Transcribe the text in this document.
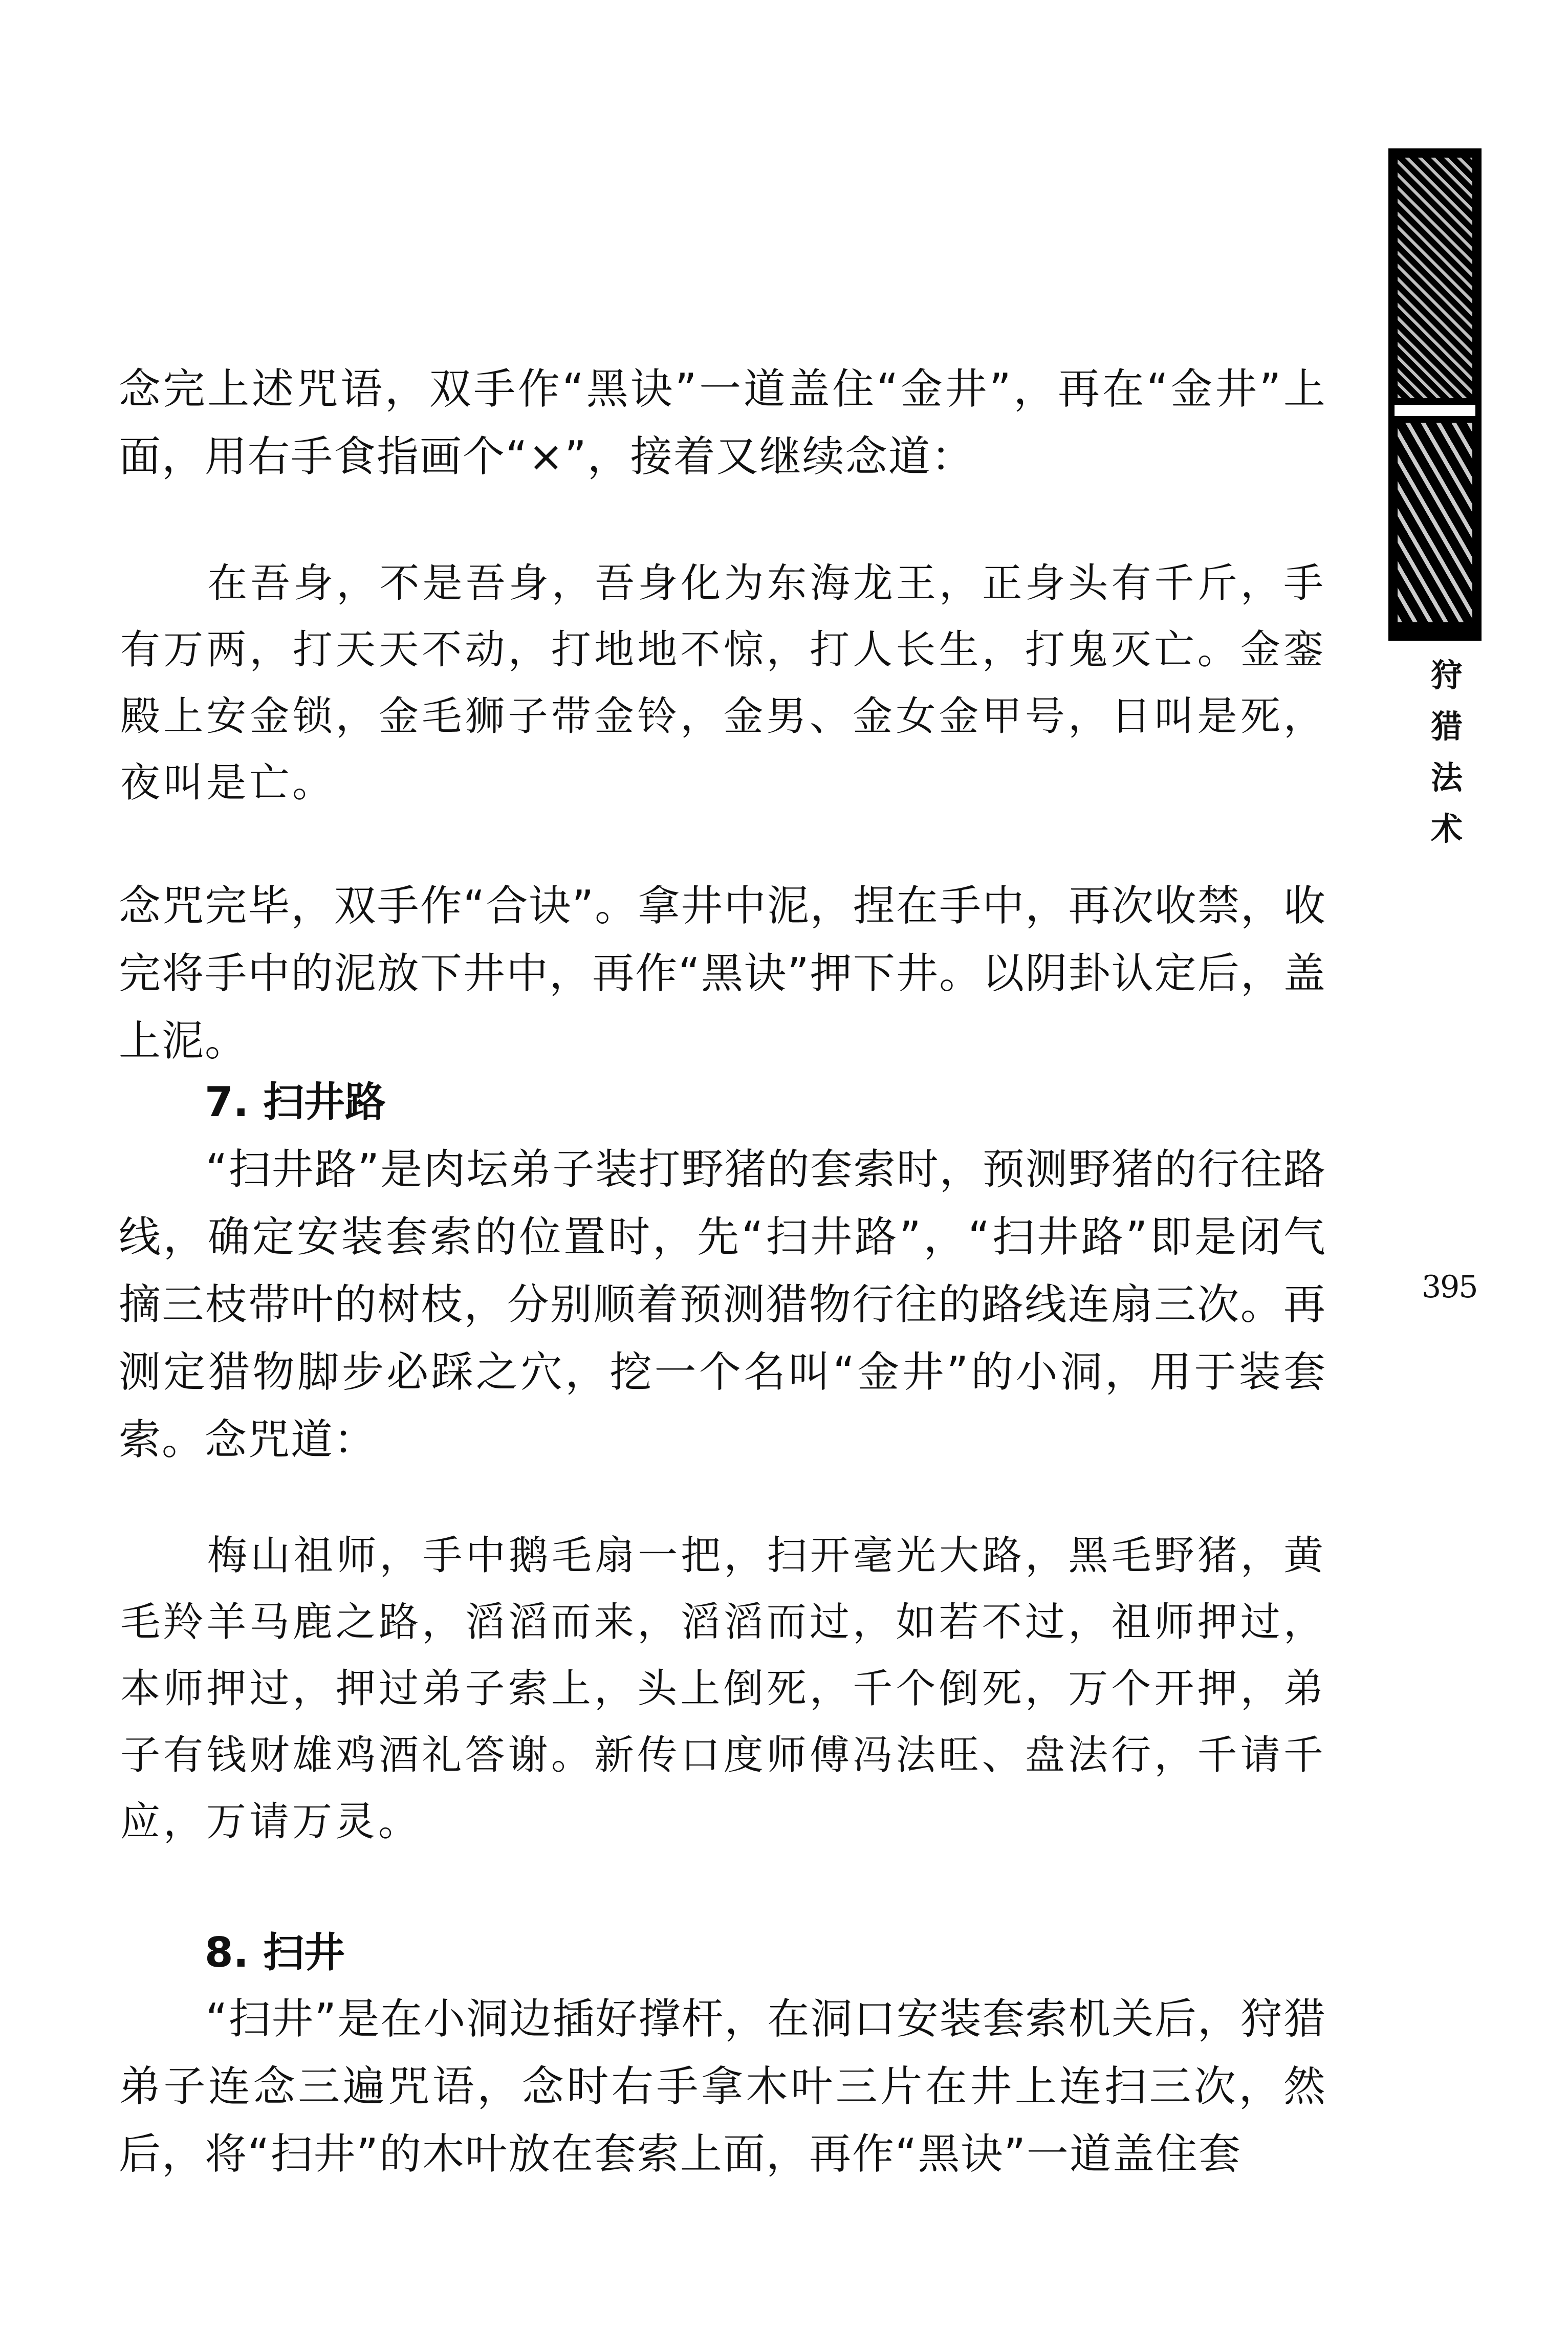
狩
猎
法
术
395

念完上述咒语，双手作“黑诀”一道盖住“金井”，再在“金井”上面，用右手食指画个“×”，接着又继续念道：

在吾身，不是吾身，吾身化为东海龙王，正身头有千斤，手有万两，打天天不动，打地地不惊，打人长生，打鬼灭亡。金銮殿上安金锁，金毛狮子带金铃，金男、金女金甲号，日叫是死，夜叫是亡。

念咒完毕，双手作“合诀”。拿井中泥，捏在手中，再次收禁，收完将手中的泥放下井中，再作“黑诀”押下井。以阴卦认定后，盖上泥。

7. 扫井路

“扫井路”是肉坛弟子装打野猪的套索时，预测野猪的行往路线，确定安装套索的位置时，先“扫井路”，“扫井路”即是闭气摘三枝带叶的树枝，分别顺着预测猎物行往的路线连扇三次。再测定猎物脚步必踩之穴，挖一个名叫“金井”的小洞，用于装套索。念咒道：

梅山祖师，手中鹅毛扇一把，扫开毫光大路，黑毛野猪，黄毛羚羊马鹿之路，滔滔而来，滔滔而过，如若不过，祖师押过，本师押过，押过弟子索上，头上倒死，千个倒死，万个开押，弟子有钱财雄鸡酒礼答谢。新传口度师傅冯法旺、盘法行，千请千应，万请万灵。

8. 扫井

“扫井”是在小洞边插好撑杆，在洞口安装套索机关后，狩猎弟子连念三遍咒语，念时右手拿木叶三片在井上连扫三次，然后，将“扫井”的木叶放在套索上面，再作“黑诀”一道盖住套
